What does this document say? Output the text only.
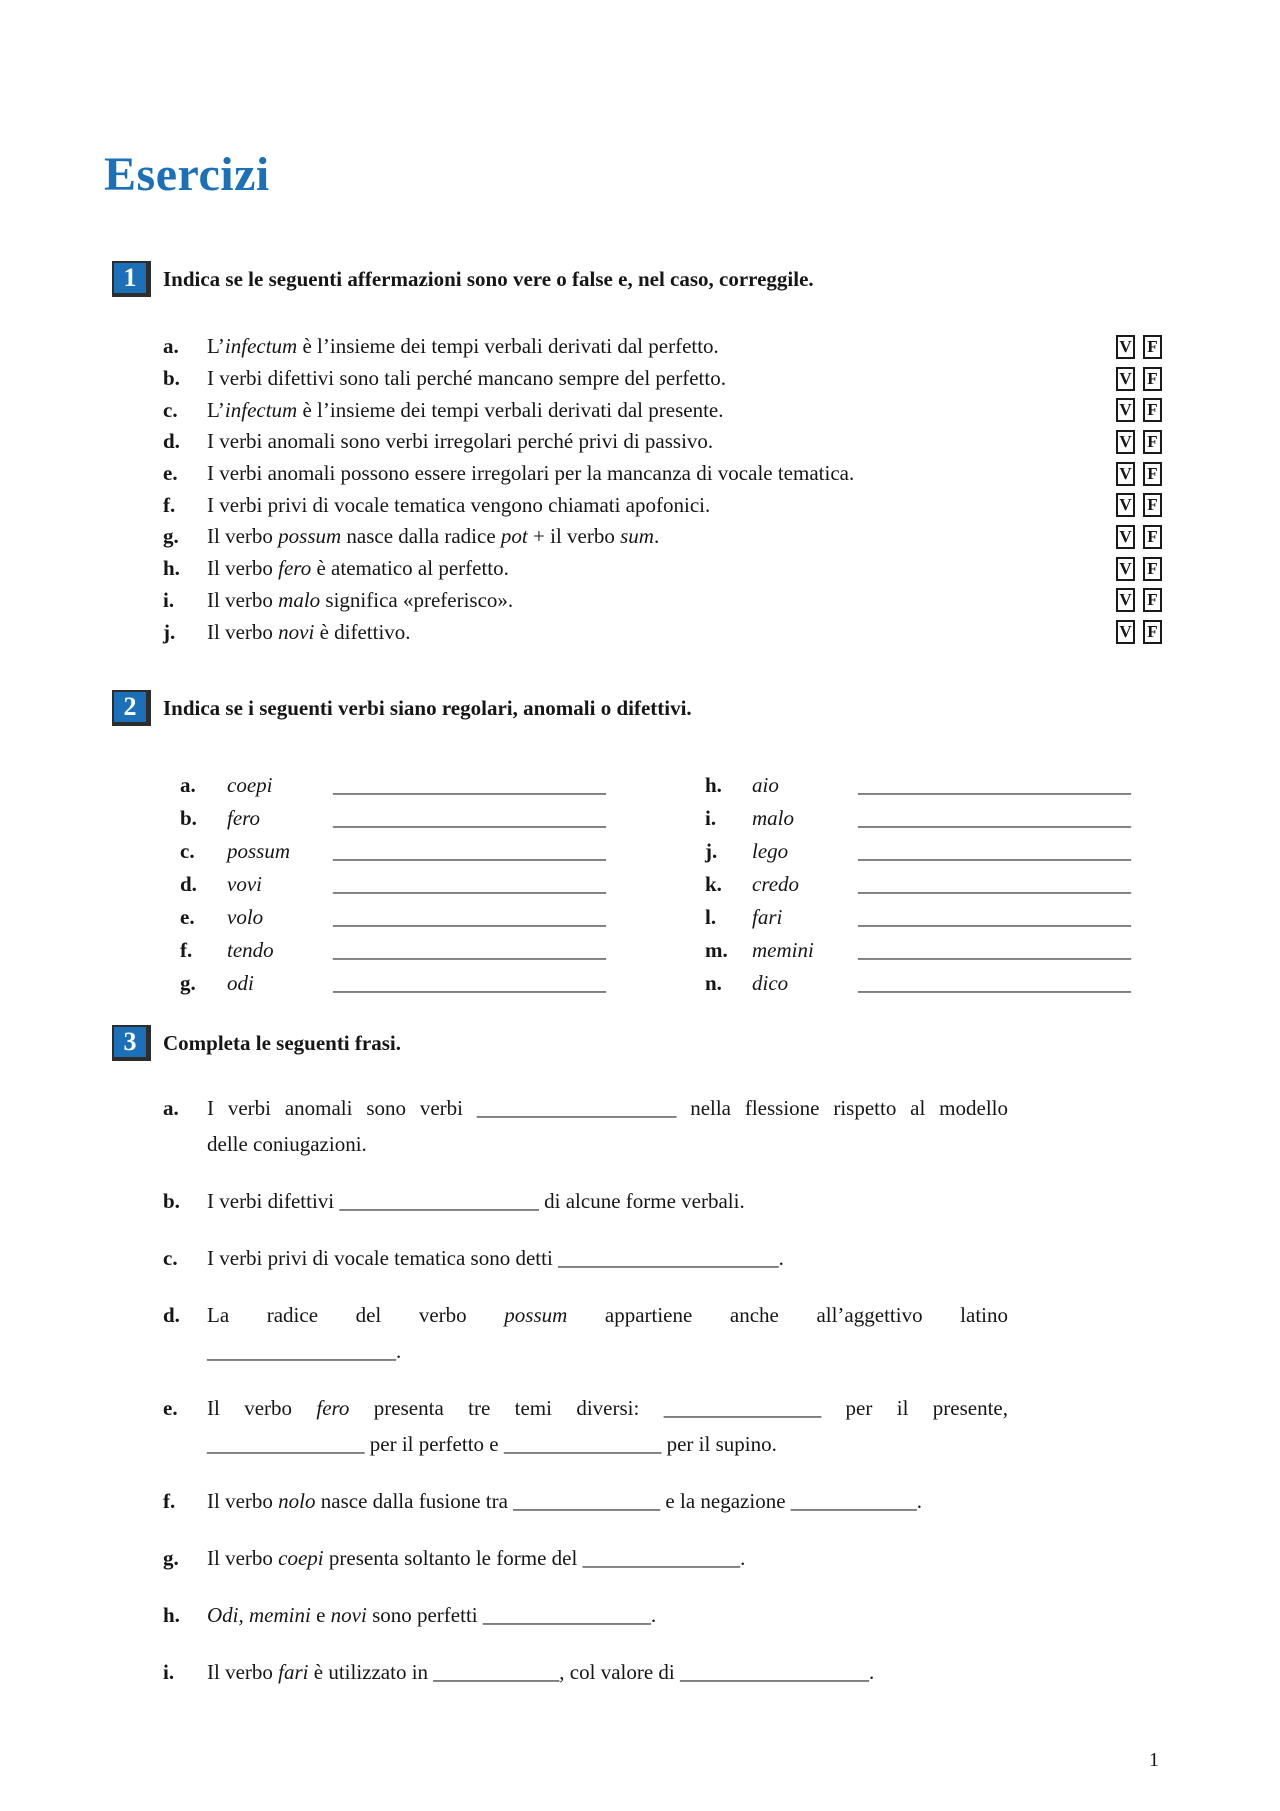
Esercizi
1	Indica se le seguenti affermazioni sono vere o false e, nel caso, correggile.

a.	L’infectum è l’insieme dei tempi verbali derivati dal perfetto.	V F
b.	I verbi difettivi sono tali perché mancano sempre del perfetto.	V F
c.	L’infectum è l’insieme dei tempi verbali derivati dal presente.	V F
d.	I verbi anomali sono verbi irregolari perché privi di passivo.	V F
e.	I verbi anomali possono essere irregolari per la mancanza di vocale tematica.	V F
f.	I verbi privi di vocale tematica vengono chiamati apofonici.	V F
g.	Il verbo possum nasce dalla radice pot + il verbo sum.	V F
h.	Il verbo fero è atematico al perfetto.	V F
i.	Il verbo malo significa «preferisco».	V F
j.	Il verbo novi è difettivo.	V F
2	Indica se i seguenti verbi siano regolari, anomali o difettivi.

a.	coepi	__________________________
b.	fero	__________________________
c.	possum	__________________________
d.	vovi	__________________________
e.	volo	__________________________
f.	tendo	__________________________
g.	odi	__________________________
h.	aio	__________________________
i.	malo	__________________________
j.	lego	__________________________
k.	credo	__________________________
l.	fari	__________________________
m.	memini	__________________________
n.	dico	__________________________
3	Completa le seguenti frasi.

a.	I verbi anomali sono verbi ___________________ nella flessione rispetto al modello
delle coniugazioni.
b.	I verbi difettivi ___________________ di alcune forme verbali.
c.	I verbi privi di vocale tematica sono detti _____________________.
d.	La radice del verbo possum appartiene anche all’aggettivo latino
__________________.
e.	Il verbo fero presenta tre temi diversi: _______________ per il presente,
_______________ per il perfetto e _______________ per il supino.
f.	Il verbo nolo nasce dalla fusione tra ______________ e la negazione ____________.
g.	Il verbo coepi presenta soltanto le forme del _______________.
h.	Odi, memini e novi sono perfetti ________________.
i.	Il verbo fari è utilizzato in ____________, col valore di __________________.
1
